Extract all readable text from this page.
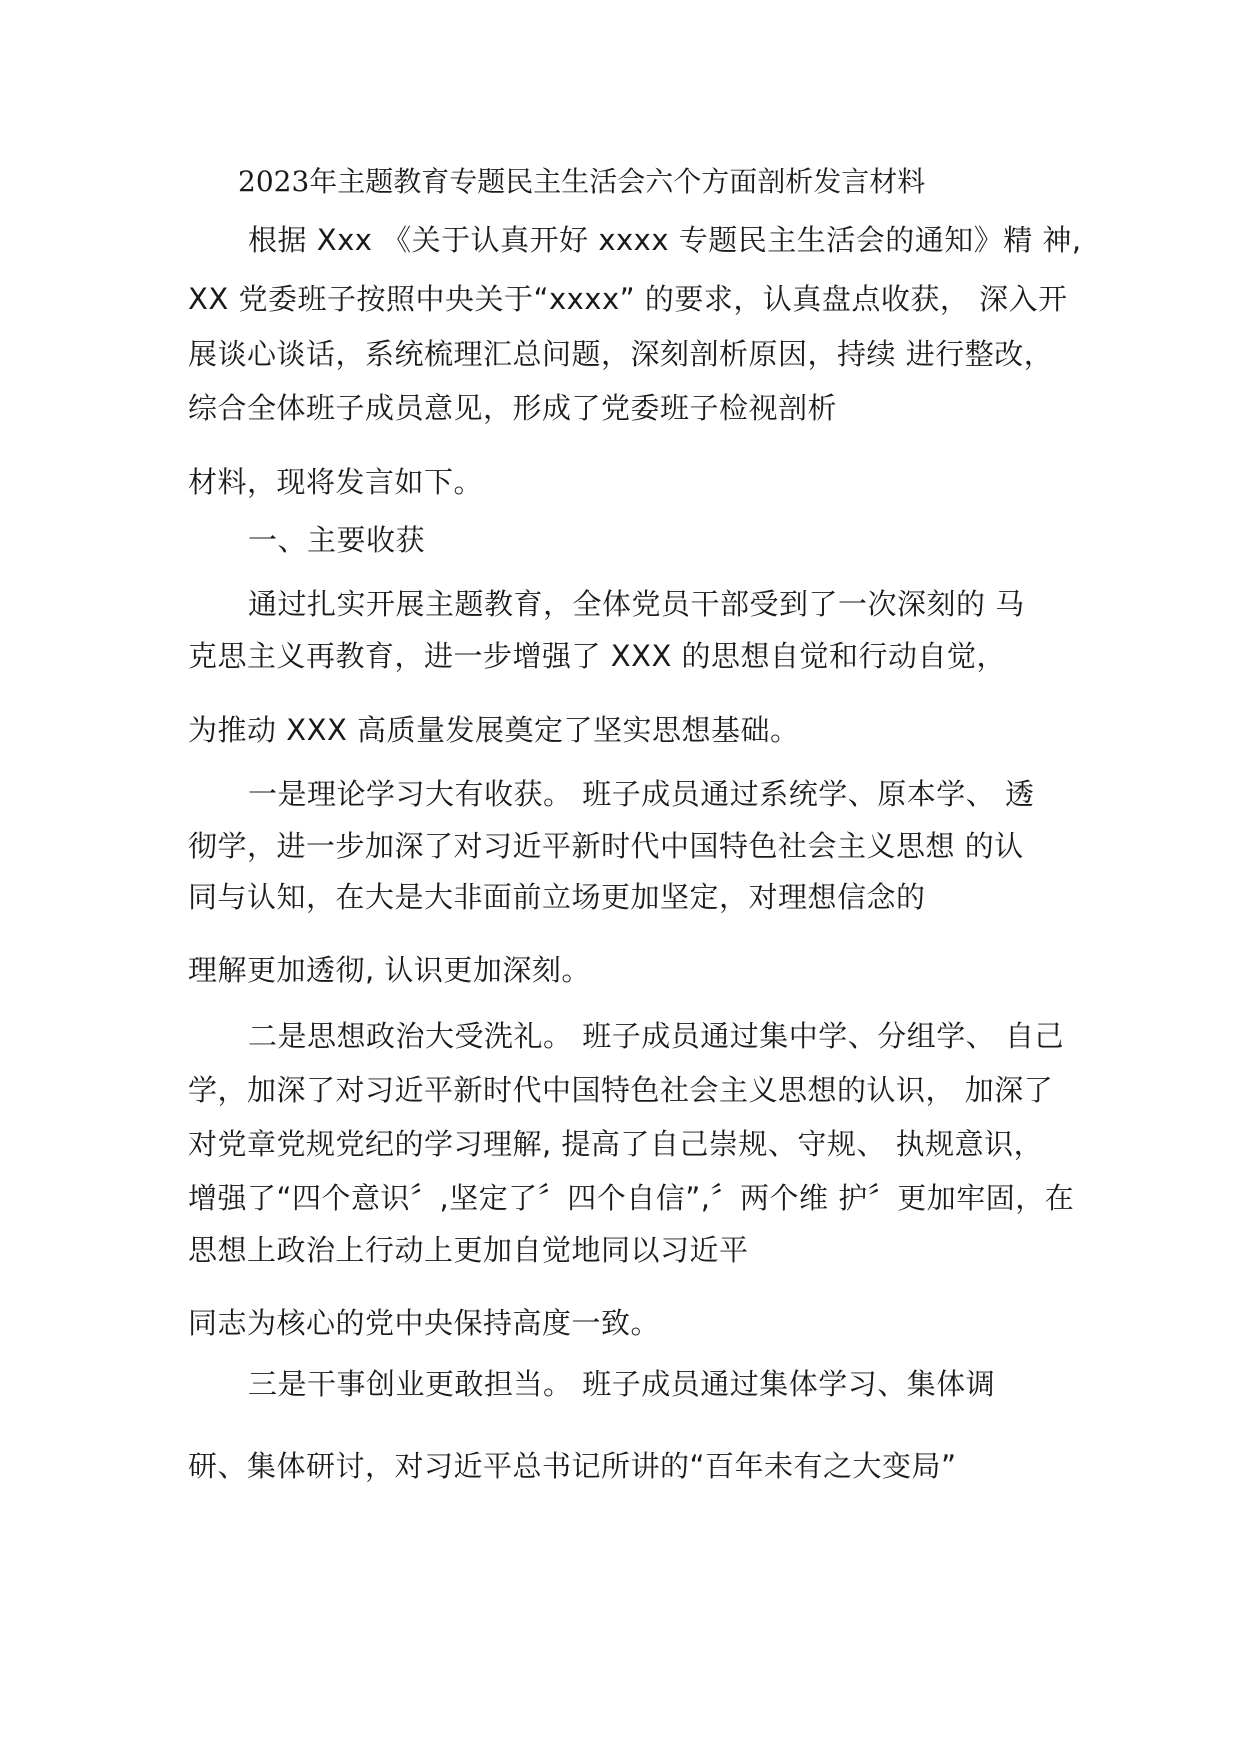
2023年主题教育专题民主生活会六个方面剖析发言材料
根据 Xxx 《关于认真开好 xxxx 专题民主生活会的通知》精 神,
XX 党委班子按照中央关于“xxxx” 的要求，认真盘点收获， 深入开
展谈心谈话，系统梳理汇总问题，深刻剖析原因，持续 进行整改，
综合全体班子成员意见，形成了党委班子检视剖析
材料，现将发言如下。
一、主要收获
通过扎实开展主题教育，全体党员干部受到了一次深刻的 马
克思主义再教育，进一步增强了 XXX 的思想自觉和行动自觉，
为推动 XXX 高质量发展奠定了坚实思想基础。
一是理论学习大有收获。 班子成员通过系统学、原本学、 透
彻学，进一步加深了对习近平新时代中国特色社会主义思想 的认
同与认知，在大是大非面前立场更加坚定，对理想信念的
理解更加透彻, 认识更加深刻。
二是思想政治大受洗礼。 班子成员通过集中学、分组学、 自己
学，加深了对习近平新时代中国特色社会主义思想的认识， 加深了
对党章党规党纪的学习理解, 提高了自己崇规、守规、 执规意识，
增强了“四个意识〞,坚定了〞四个自信”,〞两个维 护〞更加牢固，在
思想上政治上行动上更加自觉地同以习近平
同志为核心的党中央保持高度一致。
三是干事创业更敢担当。 班子成员通过集体学习、集体调
研、集体研讨，对习近平总书记所讲的“百年未有之大变局”
